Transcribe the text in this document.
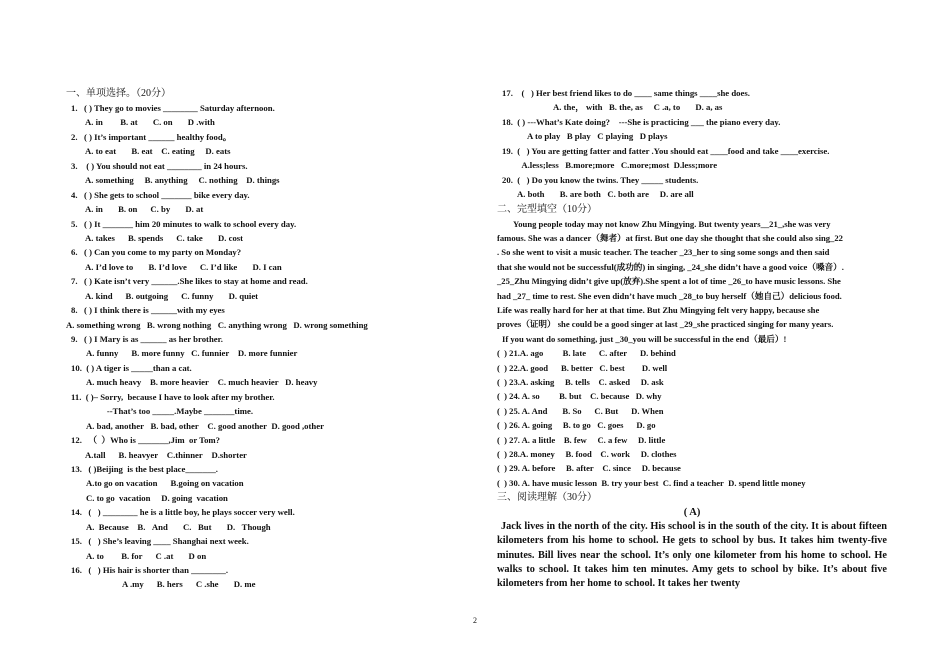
一、单项选择。（20分）
1.   ( ) They go to movies ________ Saturday afternoon.
A. in        B. at       C. on       D .with
2.   ( ) It’s important ______ healthy food。
A. to eat       B. eat    C. eating     D. eats
3.    ( ) You should not eat ________ in 24 hours.
A. something     B. anything     C. nothing    D. things
4.   ( ) She gets to school _______ bike every day.
A. in       B. on      C. by       D. at
5.   ( ) It _______ him 20 minutes to walk to school every day.
A. takes      B. spends      C. take       D. cost
6.   ( ) Can you come to my party on Monday?
A. I’d love to       B. I’d love      C. I’d like       D. I can
7.   ( ) Kate isn’t very ______.She likes to stay at home and read.
A. kind      B. outgoing      C. funny       D. quiet
8.   ( ) I think there is ______with my eyes
A. something wrong   B. wrong nothing   C. anything wrong   D. wrong something
9.   ( ) I Mary is as ______ as her brother.
A. funny      B. more funny   C. funnier    D. more funnier
10.  ( ) A tiger is _____than a cat.
A. much heavy    B. more heavier    C. much heavier   D. heavy
11.  ( )– Sorry,  because I have to look after my brother.
--That’s too _____.Maybe _______time.
A. bad, another   B. bad, other    C. good another  D. good ,other
12.   （  ）Who is _______,Jim  or Tom?
A.tall      B. heavyer    C.thinner    D.shorter
13.   ( )Beijing  is the best place_______.
A.to go on vacation      B.going on vacation
C. to go  vacation     D. going  vacation
14.   (   ) ________ he is a little boy, he plays soccer very well.
A.  Because    B.   And       C.   But       D.   Though
15.   (   ) She’s leaving ____ Shanghai next week.
A. to        B. for      C .at       D on
16.   (   ) His hair is shorter than ________.
A .my      B. hers      C .she       D. me
17.    (   ) Her best friend likes to do ____ same things ____she does.
A. the， with   B. the, as     C .a, to       D. a, as
18.  ( ) ---What’s Kate doing?    ---She is practicing ___ the piano every day.
A to play   B play   C playing   D plays
19.  (   ) You are getting fatter and fatter .You should eat ____food and take ____exercise.
A.less;less   B.more;more   C.more;most  D.less;more
20.  (   ) Do you know the twins. They _____ students.
A. both       B. are both   C. both are     D. are all
二、完型填空（10分）
Young people today may not know Zhu Mingying. But twenty years__21_,she was very
famous. She was a dancer（舞者）at first. But one day she thought that she could also sing_22
. So she went to visit a music teacher. The teacher _23_her to sing some songs and then said
that she would not be successful(成功的) in singing, _24_she didn’t have a good voice（嗓音）.
_25_Zhu Mingying didn’t give up(放弃).She spent a lot of time _26_to have music lessons. She
had _27_ time to rest. She even didn’t have much _28_to buy herself（她自己）delicious food.
Life was really hard for her at that time. But Zhu Mingying felt very happy, because she
proves（证明） she could be a good singer at last _29_she practiced singing for many years.
If you want do something, just _30_you will be successful in the end（最后）!
(  ) 21.A. ago         B. late      C. after      D. behind
(  ) 22.A. good      B. better   C. best        D. well
(  ) 23.A. asking     B. tells    C. asked     D. ask
(  ) 24. A. so         B. but    C. because   D. why
(  ) 25. A. And       B. So      C. But      D. When
(  ) 26. A. going     B. to go   C. goes      D. go
(  ) 27. A. a little    B. few     C. a few     D. little
(  ) 28.A. money     B. food    C. work     D. clothes
(  ) 29. A. before     B. after    C. since     D. because
(  ) 30. A. have music lesson  B. try your best  C. find a teacher  D. spend little money
三、阅读理解（30分）
( A)
Jack lives in the north of the city. His school is in the south of the city. It is about fifteen kilometers from his home to school. He gets to school by bus. It takes him twenty-five minutes. Bill lives near the school. It’s only one kilometer from his home to school. He walks to school. It takes him ten minutes. Amy gets to school by bike. It’s about five kilometers from her home to school. It takes her twenty
2
